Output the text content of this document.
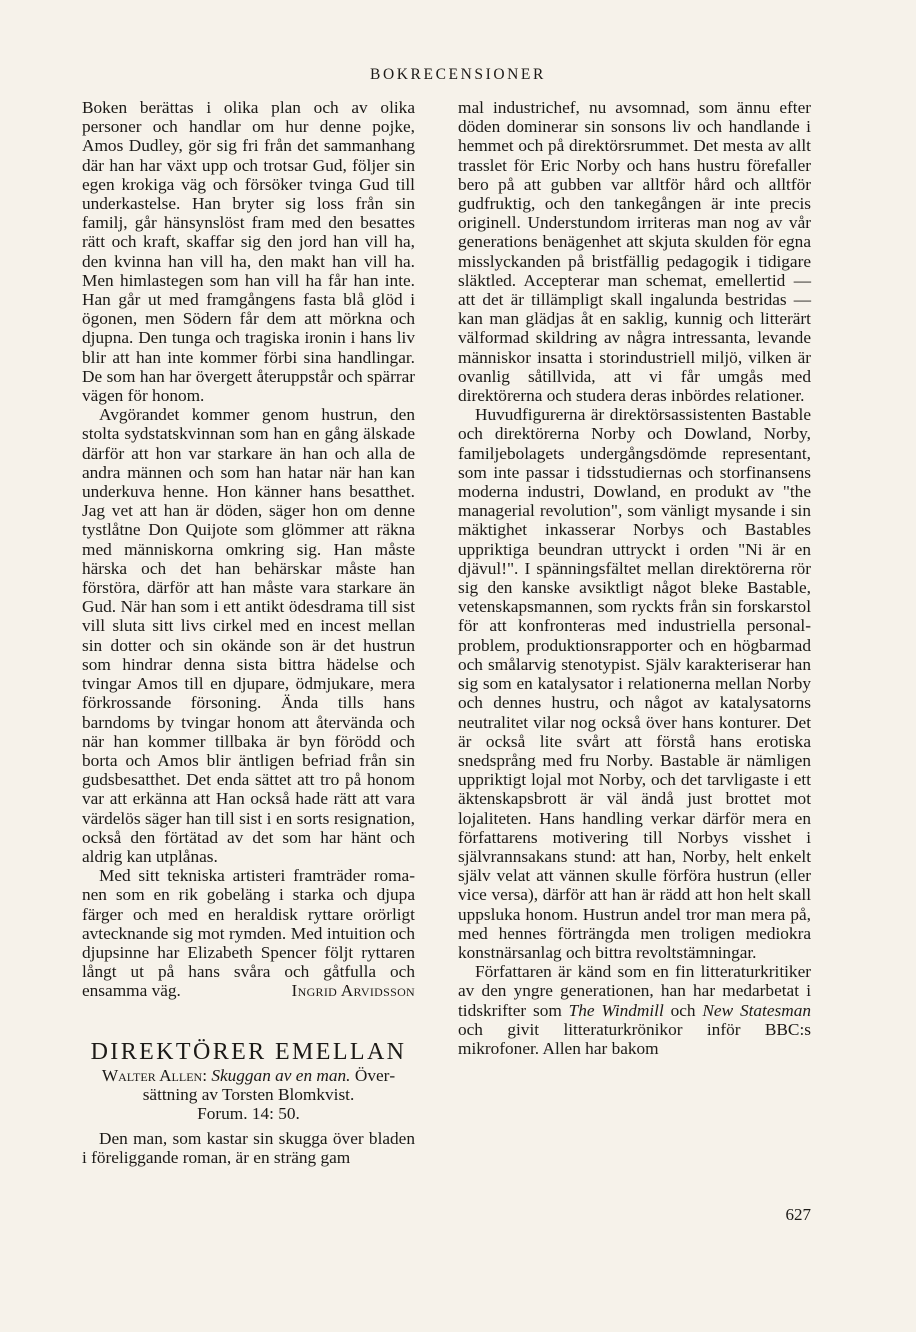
BOKRECENSIONER

Boken berättas i olika plan och av olika personer och handlar om hur denne pojke, Amos Dudley, gör sig fri från det sammanhang där han har växt upp och trotsar Gud, följer sin egen krokiga väg och försöker tvinga Gud till underkastelse. Han bryter sig loss från sin familj, går hänsynslöst fram med den besattes rätt och kraft, skaffar sig den jord han vill ha, den kvinna han vill ha, den makt han vill ha. Men himlastegen som han vill ha får han inte. Han går ut med framgångens fasta blå glöd i ögonen, men Södern får dem att mörkna och djupna. Den tunga och tragiska ironin i hans liv blir att han inte kommer förbi sina handlingar. De som han har övergett återuppstår och spärrar vägen för honom.

Avgörandet kommer genom hustrun, den stolta sydstatskvinnan som han en gång älskade därför att hon var starkare än han och alla de andra männen och som han hatar när han kan underkuva henne. Hon känner hans besatthet. Jag vet att han är döden, säger hon om denne tystlåtne Don Quijote som glömmer att räkna med människorna omkring sig. Han måste härska och det han behärskar måste han förstöra, därför att han måste vara starkare än Gud. När han som i ett antikt ödesdrama till sist vill sluta sitt livs cirkel med en incest mellan sin dotter och sin okände son är det hustrun som hindrar denna sista bittra hädelse och tvingar Amos till en djupare, ödmjukare, mera förkrossande försoning. Ända tills hans barndoms by tvingar honom att återvända och när han kommer tillbaka är byn förödd och borta och Amos blir äntligen befriad från sin gudsbesatthet. Det enda sättet att tro på honom var att erkänna att Han också hade rätt att vara värdelös säger han till sist i en sorts resignation, också den förtätad av det som har hänt och aldrig kan utplånas.

Med sitt tekniska artisteri framträder romanen som en rik gobeläng i starka och djupa färger och med en heraldisk ryttare orörligt avtecknande sig mot rymden. Med intuition och djupsinne har Elizabeth Spencer följt ryttaren långt ut på hans svåra och gåtfulla och ensamma väg.	Ingrid Arvidsson

DIREKTÖRER EMELLAN

Walter Allen: Skuggan av en man. Översättning av Torsten Blomkvist.
Forum. 14: 50.

Den man, som kastar sin skugga över bladen i föreliggande roman, är en sträng gam

mal industrichef, nu avsomnad, som ännu efter döden dominerar sin sonsons liv och handlande i hemmet och på direktörsrummet. Det mesta av allt trasslet för Eric Norby och hans hustru förefaller bero på att gubben var alltför hård och alltför gudfruktig, och den tankegången är inte precis originell. Understundom irriteras man nog av vår generations benägenhet att skjuta skulden för egna misslyckanden på bristfällig pedagogik i tidigare släktled. Accepterar man schemat, emellertid — att det är tillämpligt skall ingalunda bestridas — kan man glädjas åt en saklig, kunnig och litterärt välformad skildring av några intressanta, levande människor insatta i storindustriell miljö, vilken är ovanlig såtillvida, att vi får umgås med direktörerna och studera deras inbördes relationer.

Huvudfigurerna är direktörsassistenten Bastable och direktörerna Norby och Dowland, Norby, familjebolagets undergångsdömde representant, som inte passar i tidsstudiernas och storfinansens moderna industri, Dowland, en produkt av "the managerial revolution", som vänligt mysande i sin mäktighet inkasserar Norbys och Bastables uppriktiga beundran uttryckt i orden "Ni är en djävul!". I spänningsfältet mellan direktörerna rör sig den kanske avsiktligt något bleke Bastable, vetenskapsmannen, som ryckts från sin forskarstol för att konfronteras med industriella personalproblem, produktionsrapporter och en högbarmad och smålarvig stenotypist. Själv karakteriserar han sig som en katalysator i relationerna mellan Norby och dennes hustru, och något av katalysatorns neutralitet vilar nog också över hans konturer. Det är också lite svårt att förstå hans erotiska snedsprång med fru Norby. Bastable är nämligen uppriktigt lojal mot Norby, och det tarvligaste i ett äktenskapsbrott är väl ändå just brottet mot lojaliteten. Hans handling verkar därför mera en författarens motivering till Norbys visshet i självrannsakans stund: att han, Norby, helt enkelt själv velat att vännen skulle förföra hustrun (eller vice versa), därför att han är rädd att hon helt skall uppsluka honom. Hustrun andel tror man mera på, med hennes förträngda men troligen mediokra konstnärsanlag och bittra revoltstämningar.

Författaren är känd som en fin litteraturkritiker av den yngre generationen, han har medarbetat i tidskrifter som The Windmill och New Statesman och givit litteraturkrönikor inför BBC:s mikrofoner. Allen har bakom

627
